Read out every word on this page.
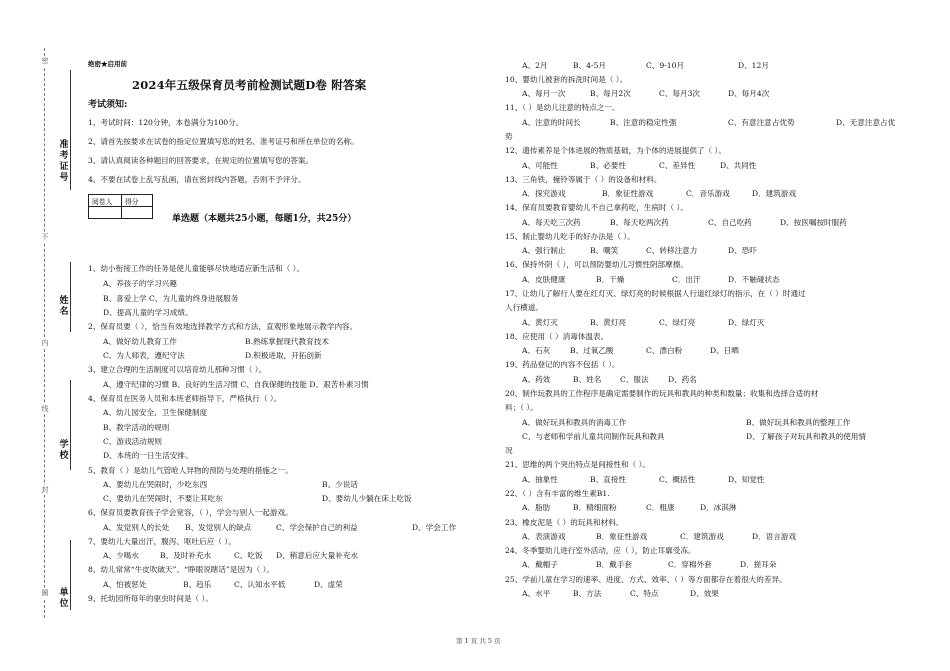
密
不
内
线
封
圈
准考证号
姓名
学校
单位
绝密★启用前
2024年五级保育员考前检测试题D卷 附答案
考试须知:
1、考试时间：120分钟，本卷满分为100分。
2、请首先按要求在试卷的指定位置填写您的姓名、准考证号和所在单位的名称。
3、请认真阅读各种题目的回答要求，在规定的位置填写您的答案。
4、不要在试卷上乱写乱画，请在密封线内答题，否则不予评分。
阅卷人	得分

单选题（本题共25小题，每题1分，共25分）
1、幼小衔接工作的任务是使儿童能够尽快地适应新生活和（ ）。
A、养孩子的学习兴趣
B、喜爱上学 C、为儿童的终身进展服务
D、提高儿童的学习成绩。
2、保育员要（ ），恰当有效地选择教学方式和方法，直观形象地展示教学内容。
A、做好幼儿教育工作	B.熟练掌握现代教育技术
C、为人师表，遵纪守法	D.积极进取，开拓创新
3、建立合理的生活制度可以培育幼儿那种习惯（ ）。
A、遵守纪律的习惯 B、良好的生活习惯 C、自我保健的技能 D、艰苦朴素习惯
4、保育员在医务人员和本班老师指导下，严格执行（ ）。
A、幼儿园安全、卫生保健制度
B、教学活动的规则
C、游戏活动规则
D、本班的一日生活安排。
5、教育（ ）是幼儿气管呛人异物的预防与处理的措施之一。
A、要幼儿在哭闹时，少吃东西	B、少说话
C、要幼儿在哭闹时，不要让其吃东	D、要幼儿少躺在床上吃饭
6、保育员要教育孩子学会宽容，（ ），学会与别人一起游戏。
A、发觉别人的长处 B、发觉别人的缺点	C、学会保护自己的利益	D、学会工作
7、要幼儿大量出汗，腹泻、呕吐后应（ ）。
A、少喝水	B、及时补充水	C、吃饭 D、稍意后应大量补充水
8、幼儿常常“牛皮吹破天”、“睁眼说瞎话”是因为（ ）。
A、怕被惩处	B、趋乐	C、认知水平低	D、虚荣
9、托幼园所每年的驱虫时间是（ ）。
A、2月	B、4-5月	C、9-10月	D、12月
10、婴幼儿被套的拆洗时间是（ ）。
A、每月一次	B、每月2次	C、每月3次	D、每月4次
11、（ ）是幼儿注意的特点之一。
A、注意的时间长	B、注意的稳定性强	C、有意注意占优势	D、无意注意占优
势
12、遗传素养是个体进展的物质基础，为个体的进展提供了（ ）。
A、可能性	B、必要性	C、差异性	D、共同性
13、三角铁，撞铃等属于（ ）的设备和材料。
A．探究游戏	B．象征性游戏	C．音乐游戏	D．建筑游戏
14、保育员要教育婴幼儿不自己拿药吃，生病时（ ）。
A、每天吃三次药	B、每天吃两次药	C、自己吃药	D、按医嘱按时服药
15、制止婴幼儿吃手的好办法是（ ）。
A、强行制止	B、嘲笑	C、转移注意力	D、恐吓
16、保持外阴（ ），可以预防婴幼儿习惯性阴部摩擦。
A．皮肤健康	B．干燥	C．出汗	D．不触碰状态
17、让幼儿了解行人要在红灯灭、绿灯亮的时候根据人行道红绿灯的指示，在（ ）时通过
人行横道。
A、黄灯灭	B、黄灯亮	C、绿灯亮	D、绿灯灭
18、应使用（ ）消毒体温表。
A、石灰	B、过氧乙酸	C、漂白粉	D、日晒
19、药品登记的内容不包括（ ）。
A、药效	B、姓名 C、服法	D、药名
20、制作玩教具的工作程序是确定需要制作的玩具和教具的种类和数量；收集和选择合适的材
料；（ ）。
A、做好玩具和教具的消毒工作	B、做好玩具和教具的整理工作
C、与老师和学前儿童共同制作玩具和教具	D、了解孩子对玩具和教具的使用情
况
21、思维的两个突出特点是间接性和（ ）。
A、抽象性	B、直接性	C、概括性	D、知觉性
22、（ ）含有丰富的维生素B1.
A．脂肪	B．精细面粉	C．粗康	D．冰淇淋
23、橡皮泥是（ ）的玩具和材料。
A．表演游戏	B．象征性游戏	C．建筑游戏	D．语言游戏
24、冬季婴幼儿进行室外活动，应（ ），防止耳廓受冻。
A．戴帽子	B．戴手套	C．穿棉外套	D．搓耳朵
25、学前儿童在学习的速率、进度、方式、效率、（ ）等方面都存在着很大的差异。
A、水平	B、方法	C、特点	D、效果
第 1 页 共 5 页
